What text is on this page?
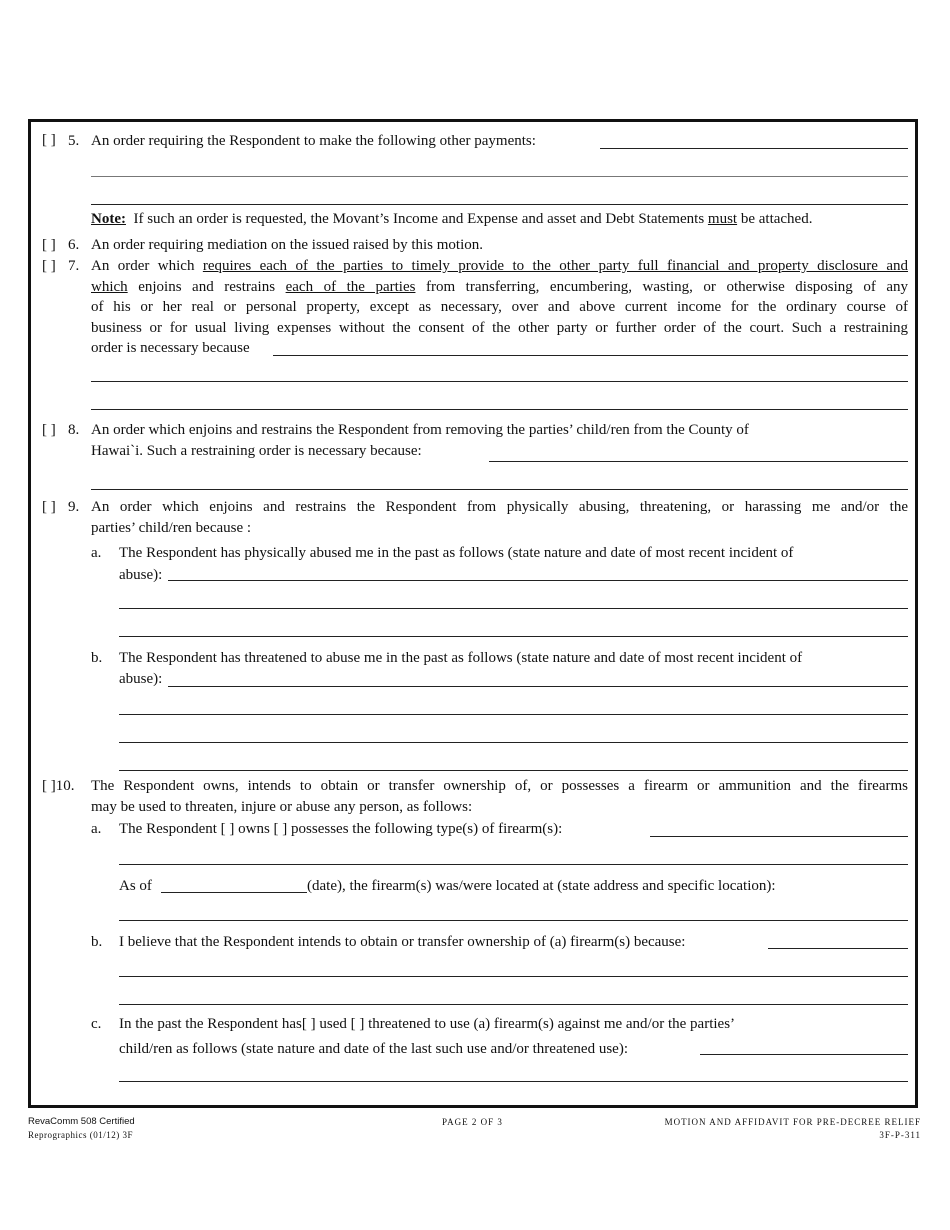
[ ] 5. An order requiring the Respondent to make the following other payments:
Note: If such an order is requested, the Movant’s Income and Expense and asset and Debt Statements must be attached.
[ ] 6. An order requiring mediation on the issued raised by this motion.
[ ] 7. An order which requires each of the parties to timely provide to the other party full financial and property disclosure and
which enjoins and restrains each of the parties from transferring, encumbering, wasting, or otherwise disposing of any
of his or her real or personal property, except as necessary, over and above current income for the ordinary course of
business or for usual living expenses without the consent of the other party or further order of the court. Such a restraining
order is necessary because
[ ] 8. An order which enjoins and restrains the Respondent from removing the parties’ child/ren from the County of
Hawai`i. Such a restraining order is necessary because:
[ ] 9. An order which enjoins and restrains the Respondent from physically abusing, threatening, or harassing me and/or the
parties’ child/ren because :
a. The Respondent has physically abused me in the past as follows (state nature and date of most recent incident of
abuse):
b. The Respondent has threatened to abuse me in the past as follows (state nature and date of most recent incident of
abuse):
[ ]10. The Respondent owns, intends to obtain or transfer ownership of, or possesses a firearm or ammunition and the firearms
may be used to threaten, injure or abuse any person, as follows:
a. The Respondent [ ] owns [ ] possesses the following type(s) of firearm(s):
As of	(date), the firearm(s) was/were located at (state address and specific location):
b. I believe that the Respondent intends to obtain or transfer ownership of (a) firearm(s) because:
c. In the past the Respondent has[ ] used [ ] threatened to use (a) firearm(s) against me and/or the parties’
child/ren as follows (state nature and date of the last such use and/or threatened use):
RevaComm 508 Certified
Reprographics (01/12) 3F
PAGE 2 OF 3	MOTION AND AFFIDAVIT FOR PRE-DECREE RELIEF
3F-P-311
